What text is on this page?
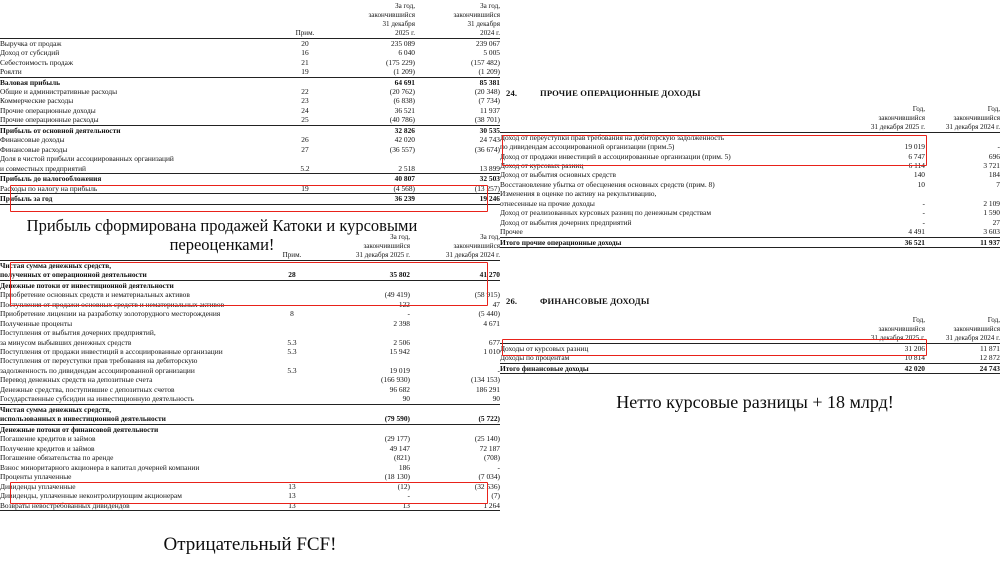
		За год,	За год,
		закончившийся	закончившийся
		31 декабря	31 декабря
	Прим.	2025 г.	2024 г.
Выручка от продаж	20	235 089	239 067
Доход от субсидий	16	6 040	5 005
Себестоимость продаж	21	(175 229)	(157 482)
Роялти	19	(1 209)	(1 209)
Валовая прибыль		64 691	85 381
Общие и административные расходы	22	(20 762)	(20 348)
Коммерческие расходы	23	(6 838)	(7 734)
Прочие операционные доходы	24	36 521	11 937
Прочие операционные расходы	25	(40 786)	(38 701)
Прибыль от основной деятельности		32 826	30 535
Финансовые доходы	26	42 020	24 743
Финансовые расходы	27	(36 557)	(36 674)
Доля в чистой прибыли ассоциированных организаций			
и совместных предприятий	5.2	2 518	13 899
Прибыль до налогообложения		40 807	32 503
Расходы по налогу на прибыль	19	(4 568)	(13 257)
Прибыль за год		36 239	19 246
Прибыль сформирована продажей Катоки и курсовыми переоценками!
			За год,	За год,
		закончившийся	закончившийся
	Прим.	31 декабря 2025 г.	31 декабря 2024 г.
Чистая сумма денежных средств,			
полученных от операционной деятельности	28	35 802	41 270
Денежные потоки от инвестиционной деятельности			
Приобретение основных средств и нематериальных активов		(49 419)	(58 915)
Поступления от продажи основных средств и нематериальных активов		122	47
Приобретение лицензии на разработку золоторудного месторождения	8	-	(5 440)
Полученные проценты		2 398	4 671
Поступления от выбытия дочерних предприятий,			
за минусом выбывших денежных средств	5.3	2 506	677
Поступления от продажи инвестиций в ассоциированные организации	5.3	15 942	1 010
Поступления от переуступки прав требования на дебиторскую			
задолженность по дивидендам ассоциированной организации	5.3	19 019	-
Перевод денежных средств на депозитные счета		(166 930)	(134 153)
Денежные средства, поступившие с депозитных счетов		96 682	186 291
Государственные субсидии на инвестиционную деятельность		90	90
Чистая сумма денежных средств,			
использованных в инвестиционной деятельности		(79 590)	(5 722)
Денежные потоки от финансовой деятельности			
Погашение кредитов и займов		(29 177)	(25 140)
Получение кредитов и займов		49 147	72 187
Погашение обязательства по аренде		(821)	(708)
Взнос миноритарного акционера в капитал дочерней компании		186	-
Проценты уплаченные		(18 130)	(7 034)
Дивиденды уплаченные	13	(12)	(32 536)
Дивиденды, уплаченные неконтролирующим акционерам	13	-	(7)
Возвраты невостребованных дивидендов	13	13	1 264
Отрицательный FCF!
24.	ПРОЧИЕ ОПЕРАЦИОННЫЕ ДОХОДЫ
	Год,	Год,
	закончившийся	закончившийся
	31 декабря 2025 г.	31 декабря 2024 г.
Доход от переуступки прав требования на дебиторскую задолженность		
по дивидендам ассоциированной организации (прим.5)	19 019	-
Доход от продажи инвестиций в ассоциированные организации (прим. 5)	6 747	696
Доход от курсовых разниц	6 114	3 721
Доход от выбытия основных средств	140	184
Восстановление убытка от обесценения основных средств (прим. 8)	10	7
Изменения в оценке по активу на рекультивацию,		
отнесенные на прочие доходы	-	2 109
Доход от реализованных курсовых разниц по денежным средствам	-	1 590
Доход от выбытия дочерних предприятий	-	27
Прочее	4 491	3 603
Итого прочие операционные доходы	36 521	11 937
26.	ФИНАНСОВЫЕ ДОХОДЫ
	Год,	Год,
	закончившийся	закончившийся
	31 декабря 2025 г.	31 декабря 2024 г.
Доходы от курсовых разниц	31 206	11 871
Доходы по процентам	10 814	12 872
Итого финансовые доходы	42 020	24 743
Нетто курсовые разницы + 18 млрд!
